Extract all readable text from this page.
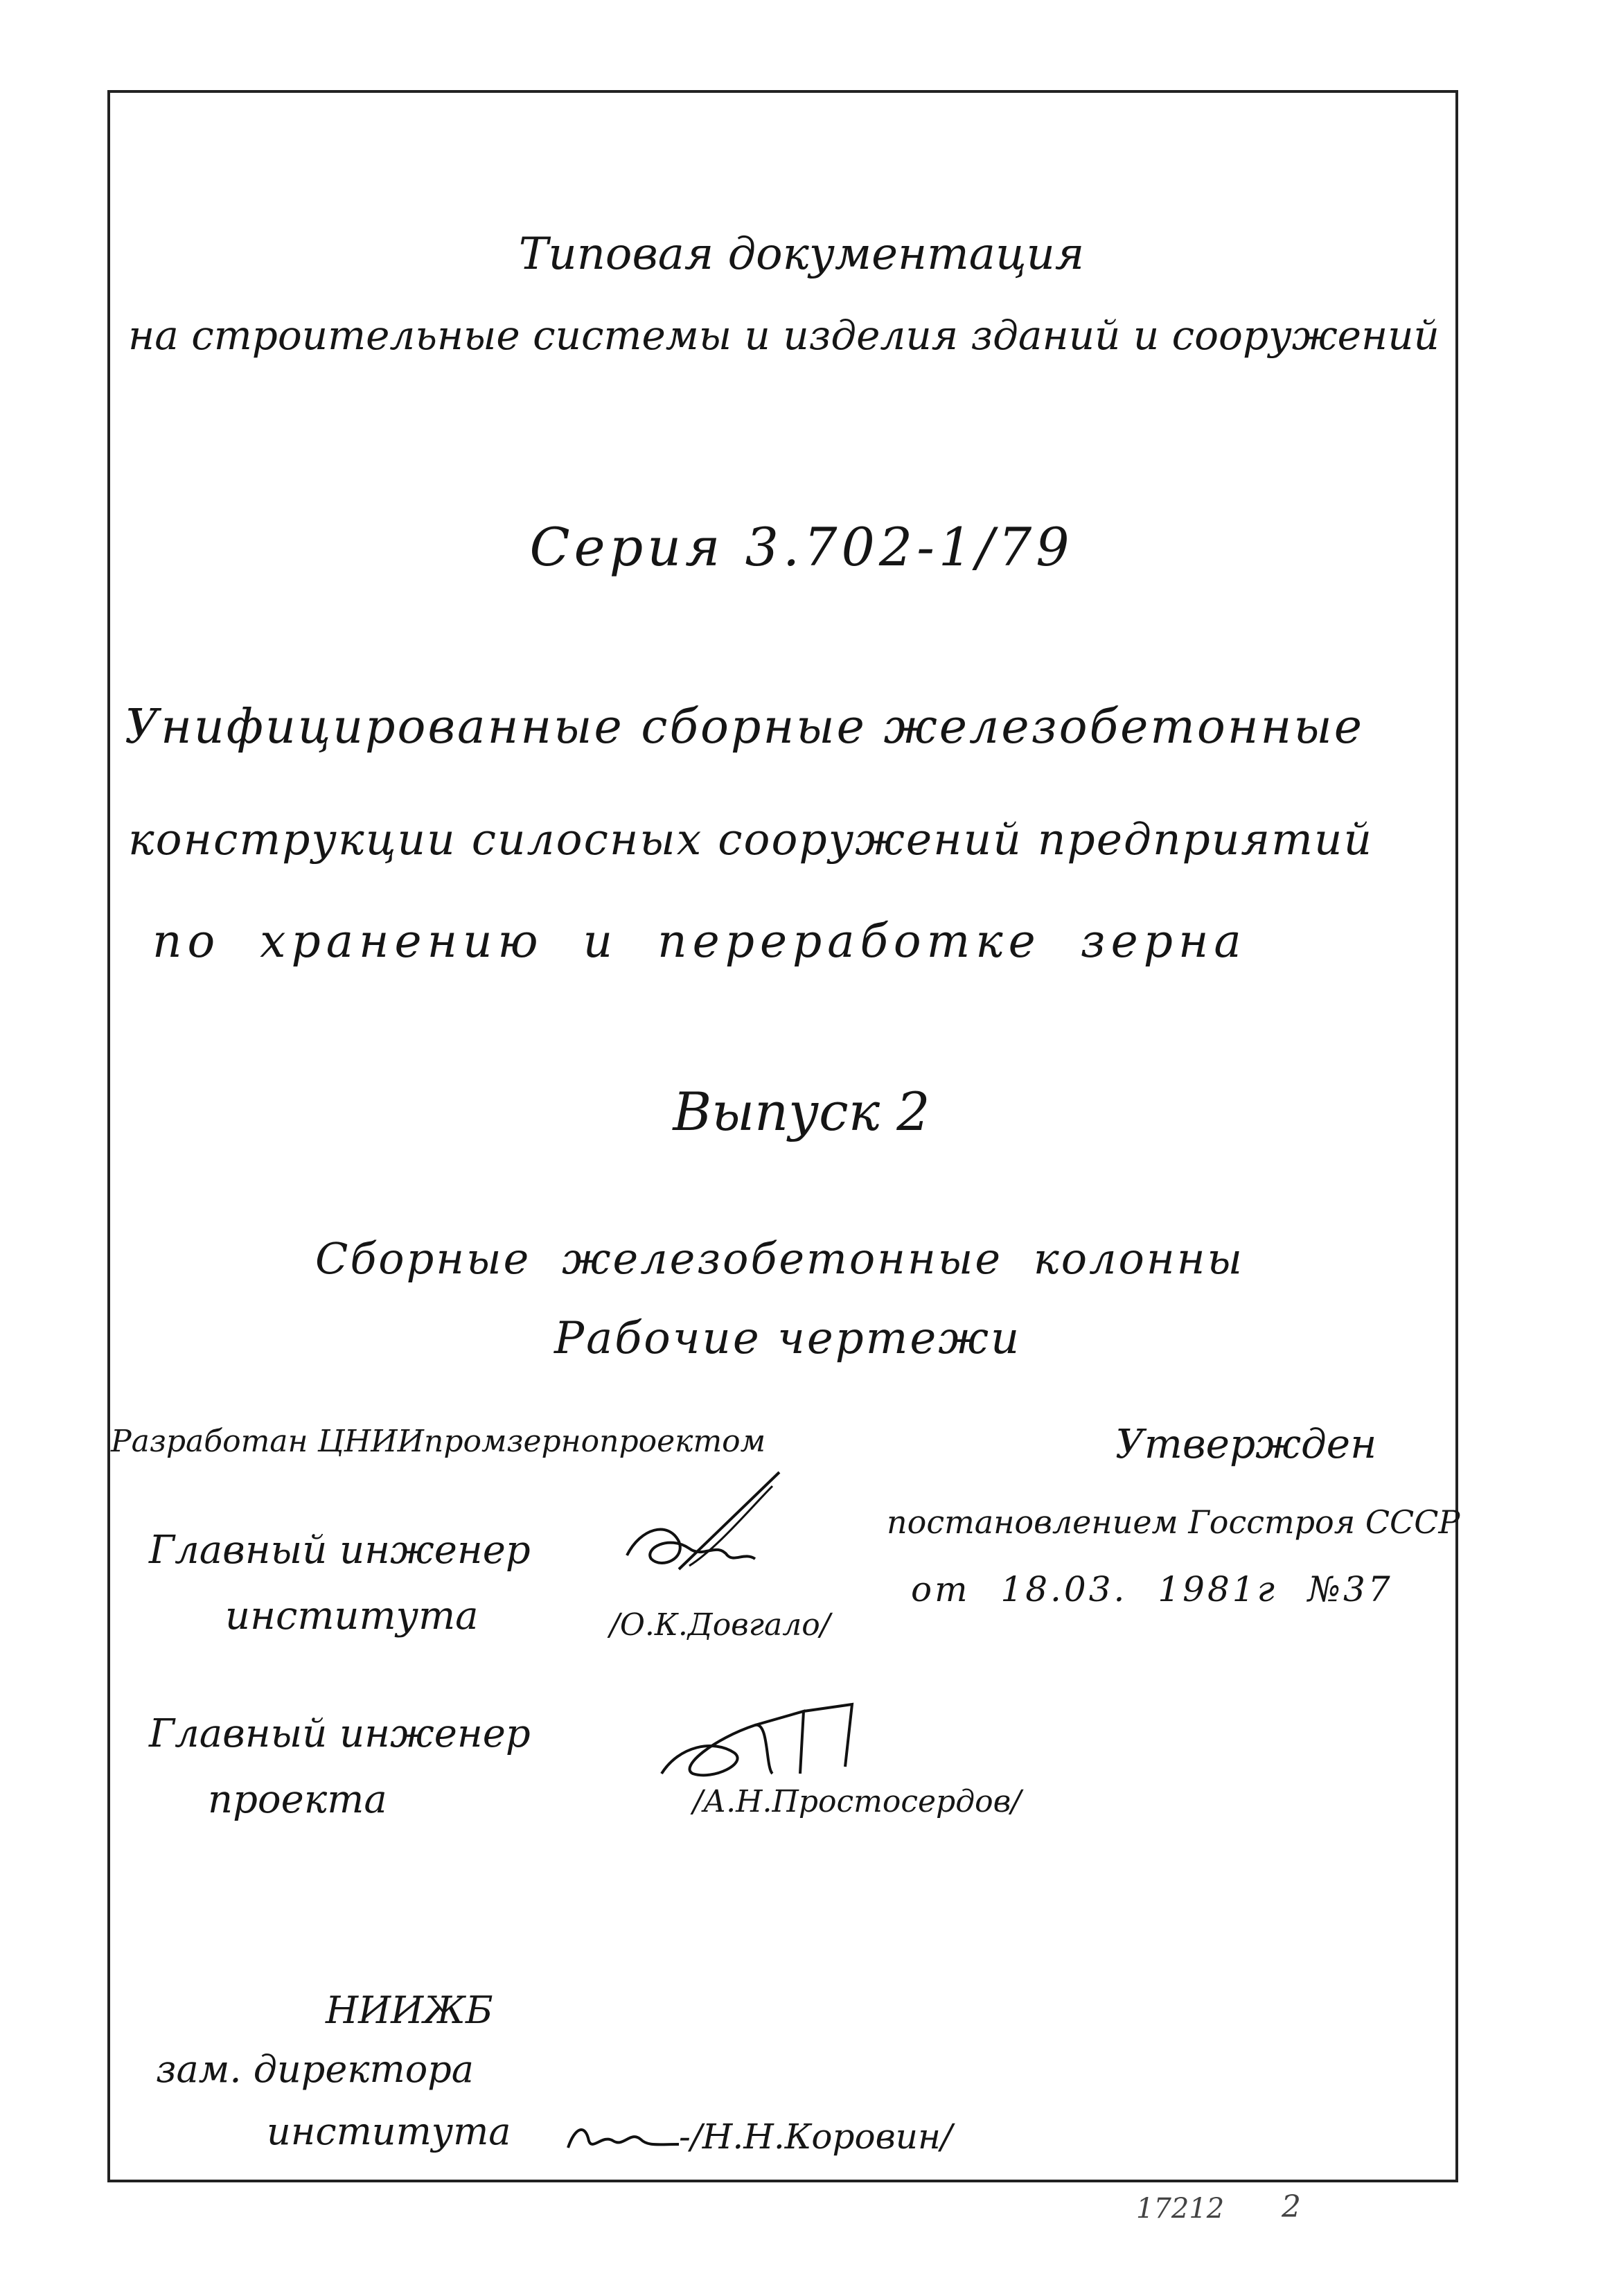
Типовая документация
на строительные системы и изделия зданий и сооружений
Серия 3.702-1/79
Унифицированные сборные железобетонные
конструкции силосных сооружений предприятий
по хранению и переработке зерна
Выпуск 2
Сборные железобетонные колонны
Рабочие чертежи
Разработан ЦНИИпромзернопроектом	Утвержден
постановлением Госстроя СССР
от 18.03. 1981г №37
Главный инженер
института	/О.К.Довгало/
Главный инженер
проекта	/А.Н.Простосердов/
НИИЖБ
зам. директора
института	-/Н.Н.Коровин/
17212 2
